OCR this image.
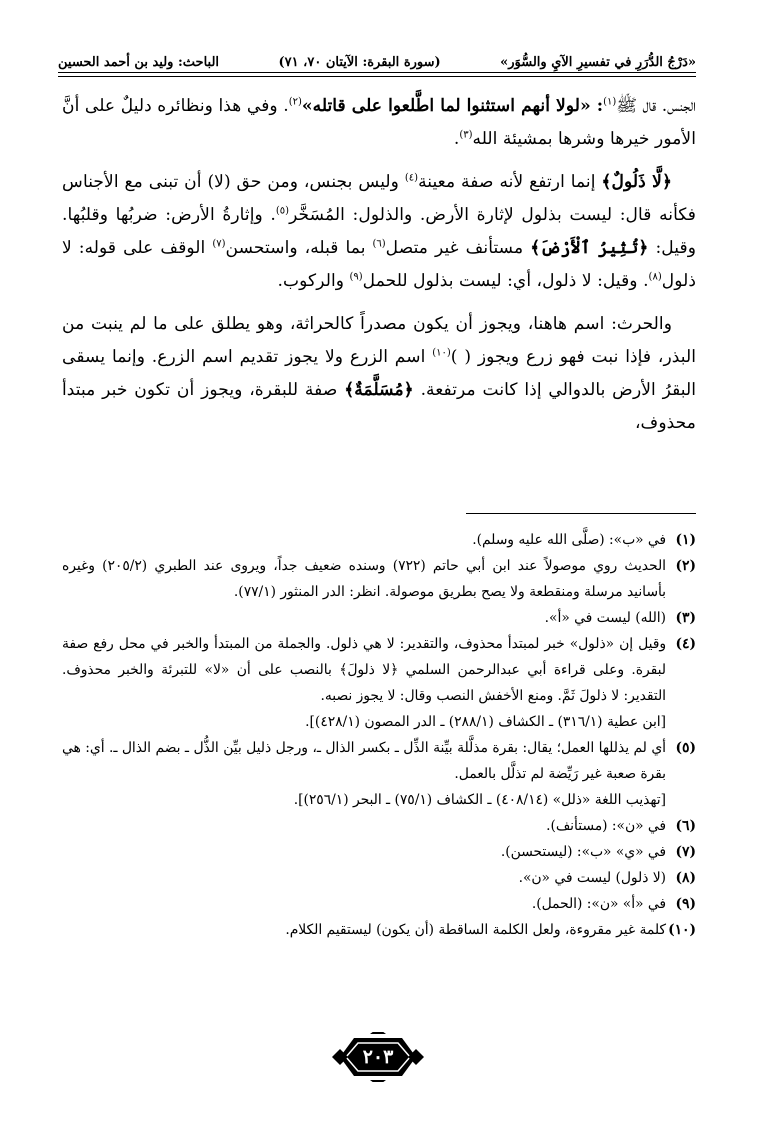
«دَرْجُ الدُّرَرِ في تفسيرِ الآيِ والسُّوَر»
(سورة البقرة: الآيتان ٧٠، ٧١)
الباحث: وليد بن أحمد الحسين

الجنس. قال ﷺ$^{(١)}$: «لولا أنهم استثنوا لما اطَّلعوا على قاتله»$^{(٢)}$. وفي هذا ونظائره دليلٌ على أنَّ الأمور خيرها وشرها بمشيئة الله$^{(٣)}$.

﴿لَّا ذَلُولٌ﴾ إنما ارتفع لأنه صفة معينة$^{(٤)}$ وليس بجنس، ومن حق (لا) أن تبنى مع الأجناس فكأنه قال: ليست بذلول لإثارة الأرض. والذلول: المُسَخَّر$^{(٥)}$. وإثارةُ الأرض: ضربُها وقلبُها. وقيل: ﴿تُثِيرُ ٱلْأَرْضَ﴾ مستأنف غير متصل$^{(٦)}$ بما قبله، واستحسن$^{(٧)}$ الوقف على قوله: لا ذلول$^{(٨)}$. وقيل: لا ذلول، أي: ليست بذلول للحمل$^{(٩)}$ والركوب.

والحرث: اسم هاهنا، ويجوز أن يكون مصدراً كالحراثة، وهو يطلق على ما لم ينبت من البذر، فإذا نبت فهو زرع ويجوز ( )$^{(١٠)}$ اسم الزرع ولا يجوز تقديم اسم الزرع. وإنما يسقى البقرُ الأرض بالدوالي إذا كانت مرتفعة. ﴿مُسَلَّمَةٌ﴾ صفة للبقرة، ويجوز أن تكون خبر مبتدأ محذوف،

(١)
في «ب»: (صلَّى الله عليه وسلم).
(٢)
الحديث روي موصولاً عند ابن أبي حاتم (٧٢٢) وسنده ضعيف جداً، ويروى عند الطبري (٢٠٥/٢) وغيره بأسانيد مرسلة ومنقطعة ولا يصح بطريق موصولة. انظر: الدر المنثور (٧٧/١).
(٣)
(الله) ليست في «أ».
(٤)
وقيل إن «ذلول» خبر لمبتدأ محذوف، والتقدير: لا هي ذلول. والجملة من المبتدأ والخبر في محل رفع صفة لبقرة. وعلى قراءة أبي عبدالرحمن السلمي ﴿لا ذلولَ﴾ بالنصب على أن «لا» للتبرئة والخبر محذوف. التقدير: لا ذلولَ ثَمَّ. ومنع الأخفش النصب وقال: لا يجوز نصبه.
[ابن عطية (٣١٦/١) ـ الكشاف (٢٨٨/١) ـ الدر المصون (٤٢٨/١)].
(٥)
أي لم يذللها العمل؛ يقال: بقرة مذلَّلة بيِّنة الذِّل ـ بكسر الذال ـ، ورجل ذليل بيِّن الذُّل ـ بضم الذال ـ. أي: هي بقرة صعبة غير رَيِّضة لم تذلَّل بالعمل.
[تهذيب اللغة «ذلل» (٤٠٨/١٤) ـ الكشاف (٧٥/١) ـ البحر (٢٥٦/١)].
(٦)
في «ن»: (مستأنف).
(٧)
في «ي» «ب»: (ليستحسن).
(٨)
(لا ذلول) ليست في «ن».
(٩)
في «أ» «ن»: (الحمل).
(١٠)
كلمة غير مقروءة، ولعل الكلمة الساقطة (أن يكون) ليستقيم الكلام.
٢٠٣
